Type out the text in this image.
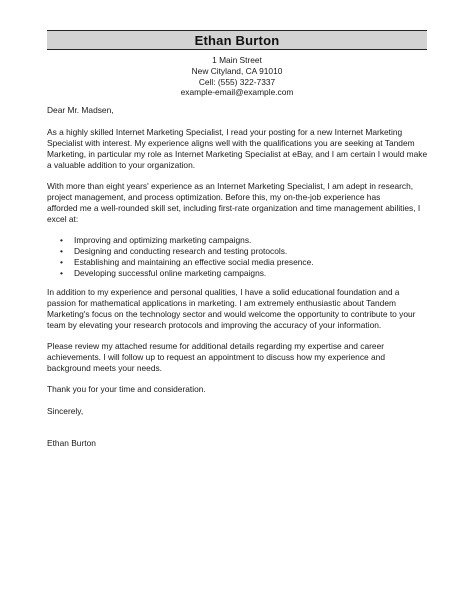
Ethan Burton
1 Main Street
New Cityland, CA 91010
Cell: (555) 322-7337
example-email@example.com
Dear Mr. Madsen,
As a highly skilled Internet Marketing Specialist, I read your posting for a new Internet Marketing
Specialist with interest. My experience aligns well with the qualifications you are seeking at Tandem
Marketing, in particular my role as Internet Marketing Specialist at eBay, and I am certain I would make
a valuable addition to your organization.
With more than eight years' experience as an Internet Marketing Specialist, I am adept in research,
project management, and process optimization. Before this, my on-the-job experience has
afforded me a well-rounded skill set, including first-rate organization and time management abilities, I
excel at:
• Improving and optimizing marketing campaigns.
• Designing and conducting research and testing protocols.
• Establishing and maintaining an effective social media presence.
• Developing successful online marketing campaigns.
In addition to my experience and personal qualities, I have a solid educational foundation and a
passion for mathematical applications in marketing. I am extremely enthusiastic about Tandem
Marketing's focus on the technology sector and would welcome the opportunity to contribute to your
team by elevating your research protocols and improving the accuracy of your information.
Please review my attached resume for additional details regarding my expertise and career
achievements. I will follow up to request an appointment to discuss how my experience and
background meets your needs.
Thank you for your time and consideration.
Sincerely,
Ethan Burton
